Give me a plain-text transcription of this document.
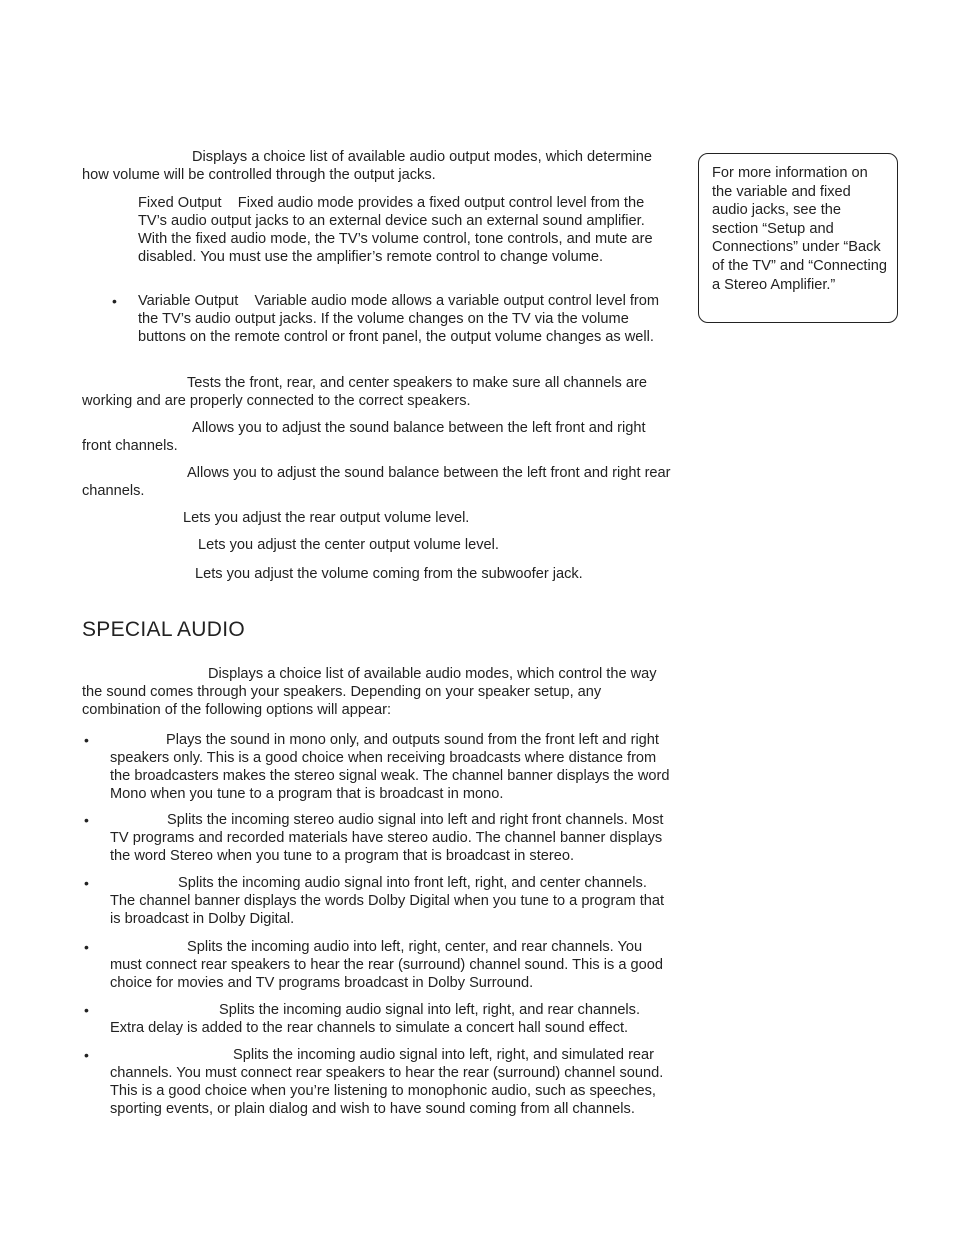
Displays a choice list of available audio output modes, which determine how volume will be controlled through the output jacks.

Fixed Output Fixed audio mode provides a fixed output control level from the TV’s audio output jacks to an external device such an external sound amplifier. With the fixed audio mode, the TV’s volume control, tone controls, and mute are disabled. You must use the amplifier’s remote control to change volume.

• Variable Output Variable audio mode allows a variable output control level from the TV’s audio output jacks. If the volume changes on the TV via the volume buttons on the remote control or front panel, the output volume changes as well.

Tests the front, rear, and center speakers to make sure all channels are working and are properly connected to the correct speakers.

Allows you to adjust the sound balance between the left front and right front channels.

Allows you to adjust the sound balance between the left front and right rear channels.

Lets you adjust the rear output volume level.

Lets you adjust the center output volume level.

Lets you adjust the volume coming from the subwoofer jack.

SPECIAL AUDIO

Displays a choice list of available audio modes, which control the way the sound comes through your speakers. Depending on your speaker setup, any combination of the following options will appear:

•	Plays the sound in mono only, and outputs sound from the front left and right speakers only. This is a good choice when receiving broadcasts where distance from the broadcasters makes the stereo signal weak. The channel banner displays the word Mono when you tune to a program that is broadcast in mono.

•	Splits the incoming stereo audio signal into left and right front channels. Most TV programs and recorded materials have stereo audio. The channel banner displays the word Stereo when you tune to a program that is broadcast in stereo.

•	Splits the incoming audio signal into front left, right, and center channels. The channel banner displays the words Dolby Digital when you tune to a program that is broadcast in Dolby Digital.

•	Splits the incoming audio into left, right, center, and rear channels. You must connect rear speakers to hear the rear (surround) channel sound. This is a good choice for movies and TV programs broadcast in Dolby Surround.

•	Splits the incoming audio signal into left, right, and rear channels. Extra delay is added to the rear channels to simulate a concert hall sound effect.

•	Splits the incoming audio signal into left, right, and simulated rear channels. You must connect rear speakers to hear the rear (surround) channel sound. This is a good choice when you’re listening to monophonic audio, such as speeches, sporting events, or plain dialog and wish to have sound coming from all channels.

For more information on the variable and fixed audio jacks, see the section “Setup and Connections” under “Back of the TV” and “Connecting a Stereo Amplifier.”
